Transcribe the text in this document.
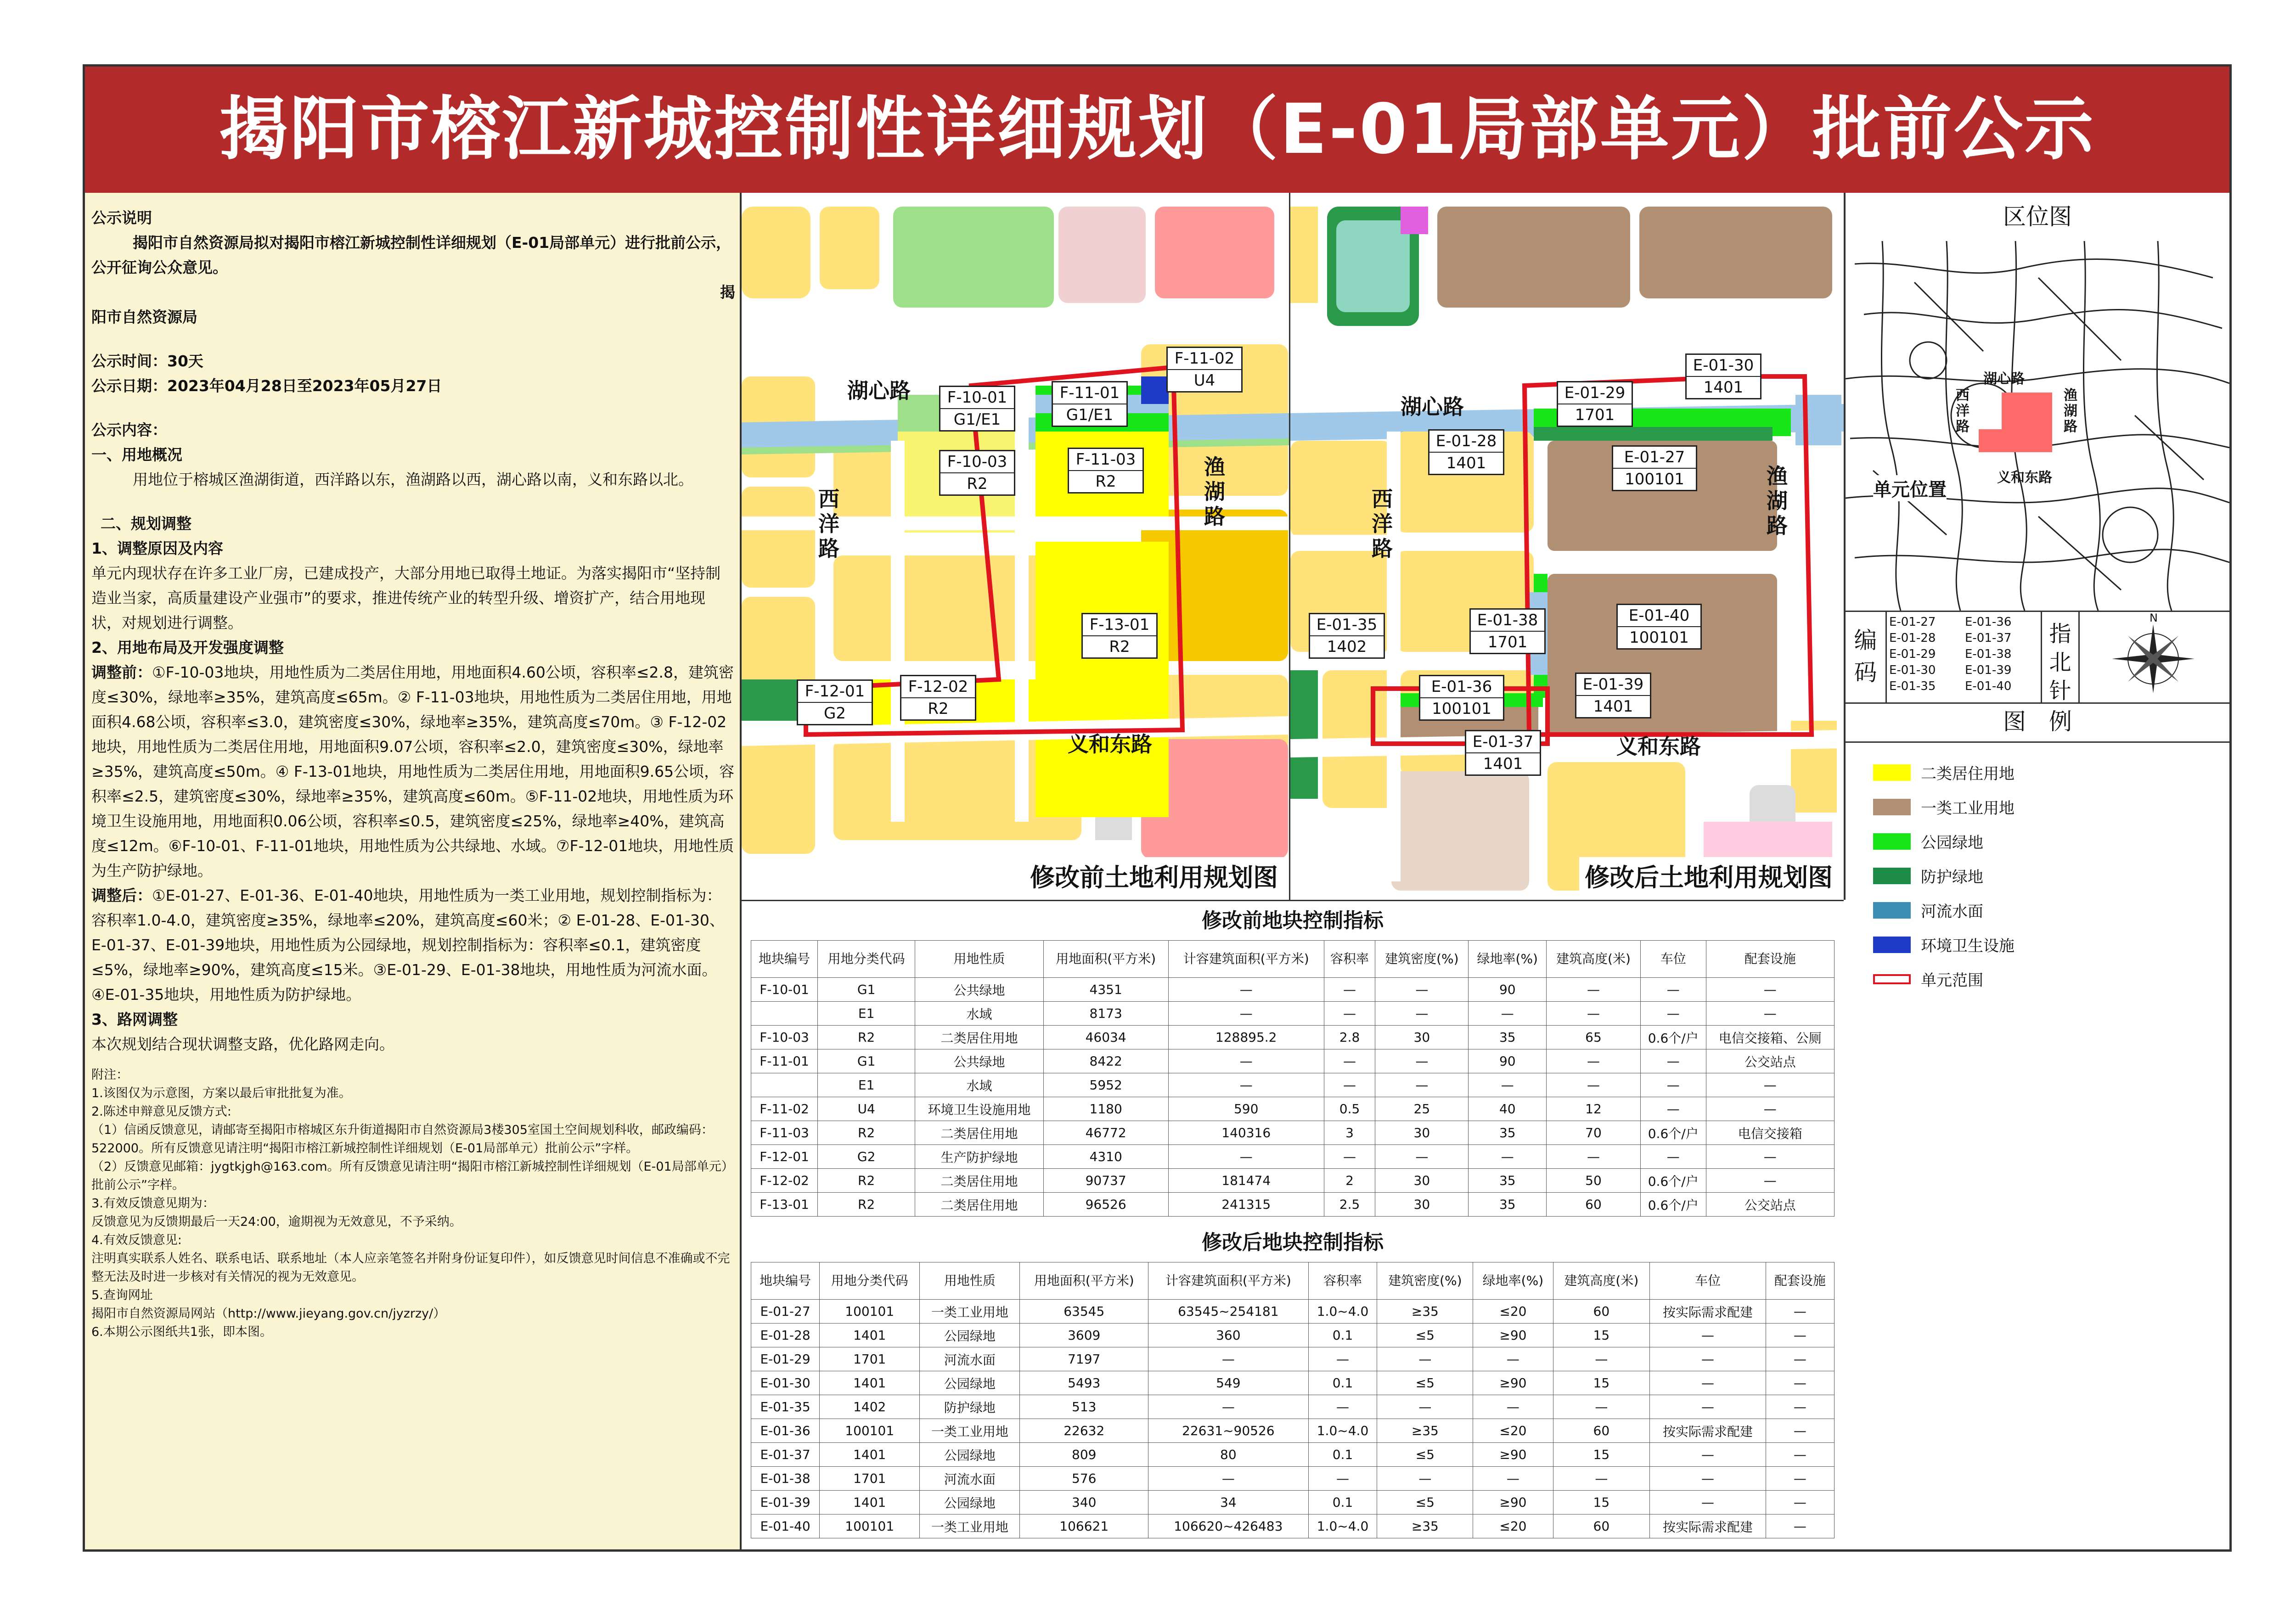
揭阳市榕江新城控制性详细规划（E-01局部单元）批前公示

公示说明

揭阳市自然资源局拟对揭阳市榕江新城控制性详细规划（E-01局部单元）进行批前公示，公开征询公众意见。

揭

阳市自然资源局

公示时间：30天

公示日期：2023年04月28日至2023年05月27日

公示内容：

一、用地概况

用地位于榕城区渔湖街道，西洋路以东，渔湖路以西，湖心路以南，义和东路以北。

二、规划调整

1、调整原因及内容

单元内现状存在许多工业厂房，已建成投产，大部分用地已取得土地证。为落实揭阳市“坚持制造业当家，高质量建设产业强市”的要求，推进传统产业的转型升级、增资扩产，结合用地现状，对规划进行调整。

2、用地布局及开发强度调整

调整前：①F-10-03地块，用地性质为二类居住用地，用地面积4.60公顷，容积率≤2.8，建筑密度≤30%，绿地率≥35%，建筑高度≤65m。② F-11-03地块，用地性质为二类居住用地，用地面积4.68公顷，容积率≤3.0，建筑密度≤30%，绿地率≥35%，建筑高度≤70m。③ F-12-02地块，用地性质为二类居住用地，用地面积9.07公顷，容积率≤2.0，建筑密度≤30%，绿地率≥35%，建筑高度≤50m。④ F-13-01地块，用地性质为二类居住用地，用地面积9.65公顷，容积率≤2.5，建筑密度≤30%，绿地率≥35%，建筑高度≤60m。⑤F-11-02地块，用地性质为环境卫生设施用地，用地面积0.06公顷，容积率≤0.5，建筑密度≤25%，绿地率≥40%，建筑高度≤12m。⑥F-10-01、F-11-01地块，用地性质为公共绿地、水域。⑦F-12-01地块，用地性质为生产防护绿地。

调整后：①E-01-27、E-01-36、E-01-40地块，用地性质为一类工业用地，规划控制指标为：容积率1.0-4.0，建筑密度≥35%，绿地率≤20%，建筑高度≤60米；② E-01-28、E-01-30、E-01-37、E-01-39地块，用地性质为公园绿地，规划控制指标为：容积率≤0.1，建筑密度≤5%，绿地率≥90%，建筑高度≤15米。③E-01-29、E-01-38地块，用地性质为河流水面。④E-01-35地块，用地性质为防护绿地。

3、路网调整

本次规划结合现状调整支路，优化路网走向。

附注：

1.该图仅为示意图，方案以最后审批批复为准。

2.陈述申辩意见反馈方式:

（1）信函反馈意见，请邮寄至揭阳市榕城区东升街道揭阳市自然资源局3楼305室国土空间规划科收，邮政编码：522000。所有反馈意见请注明“揭阳市榕江新城控制性详细规划（E-01局部单元）批前公示”字样。

（2）反馈意见邮箱：jygtkjgh@163.com。所有反馈意见请注明“揭阳市榕江新城控制性详细规划（E-01局部单元）批前公示”字样。

3.有效反馈意见期为：

反馈意见为反馈期最后一天24:00，逾期视为无效意见，不予采纳。

4.有效反馈意见:

注明真实联系人姓名、联系电话、联系地址（本人应亲笔签名并附身份证复印件），如反馈意见时间信息不准确或不完整无法及时进一步核对有关情况的视为无效意见。

5.查询网址

揭阳市自然资源局网站（http://www.jieyang.gov.cn/jyzrzy/）

6.本期公示图纸共1张，即本图。

湖心路
西洋路
渔湖路
义和东路
F-11-02
U4
F-10-01
G1/E1
F-11-01
G1/E1
F-10-03
R2
F-11-03
R2
F-13-01
R2
F-12-01
G2
F-12-02
R2
修改前土地利用规划图
湖心路
西洋路
渔湖路
义和东路
E-01-30
1401
E-01-29
1701
E-01-28
1401	E-01-27
100101
E-01-35
1402
E-01-38
1701
E-01-40
100101
E-01-36
100101
E-01-39
1401
E-01-37
1401
修改后土地利用规划图
区位图
湖心路
西洋路
渔湖路
义和东路
单元位置
编码
E-01-27	E-01-36
E-01-28	E-01-37
E-01-29	E-01-38
E-01-30	E-01-39
E-01-35	E-01-40
指北针
N
图　例
二类居住用地
一类工业用地
公园绿地
防护绿地
河流水面
环境卫生设施
单元范围
修改前地块控制指标
地块编号	用地分类代码	用地性质	用地面积(平方米)	计容建筑面积(平方米)	容积率	建筑密度(%)	绿地率(%)	建筑高度(米)	车位	配套设施
F-10-01	G1	公共绿地	4351	—	—	—	90	—	—	—
	E1	水域	8173	—	—	—	—	—	—	—
F-10-03	R2	二类居住用地	46034	128895.2	2.8	30	35	65	0.6个/户	电信交接箱、公厕
F-11-01	G1	公共绿地	8422	—	—	—	90	—	—	公交站点
	E1	水域	5952	—	—	—	—	—	—	—
F-11-02	U4	环境卫生设施用地	1180	590	0.5	25	40	12	—	—
F-11-03	R2	二类居住用地	46772	140316	3	30	35	70	0.6个/户	电信交接箱
F-12-01	G2	生产防护绿地	4310	—	—	—	—	—	—	—
F-12-02	R2	二类居住用地	90737	181474	2	30	35	50	0.6个/户	—
F-13-01	R2	二类居住用地	96526	241315	2.5	30	35	60	0.6个/户	公交站点
修改后地块控制指标
地块编号	用地分类代码	用地性质	用地面积(平方米)	计容建筑面积(平方米)	容积率	建筑密度(%)	绿地率(%)	建筑高度(米)	车位	配套设施
E-01-27	100101	一类工业用地	63545	63545~254181	1.0~4.0	≥35	≤20	60	按实际需求配建	—
E-01-28	1401	公园绿地	3609	360	0.1	≤5	≥90	15	—	—
E-01-29	1701	河流水面	7197	—	—	—	—	—	—	—
E-01-30	1401	公园绿地	5493	549	0.1	≤5	≥90	15	—	—
E-01-35	1402	防护绿地	513	—	—	—	—	—	—	—
E-01-36	100101	一类工业用地	22632	22631~90526	1.0~4.0	≥35	≤20	60	按实际需求配建	—
E-01-37	1401	公园绿地	809	80	0.1	≤5	≥90	15	—	—
E-01-38	1701	河流水面	576	—	—	—	—	—	—	—
E-01-39	1401	公园绿地	340	34	0.1	≤5	≥90	15	—	—
E-01-40	100101	一类工业用地	106621	106620~426483	1.0~4.0	≥35	≤20	60	按实际需求配建	—
